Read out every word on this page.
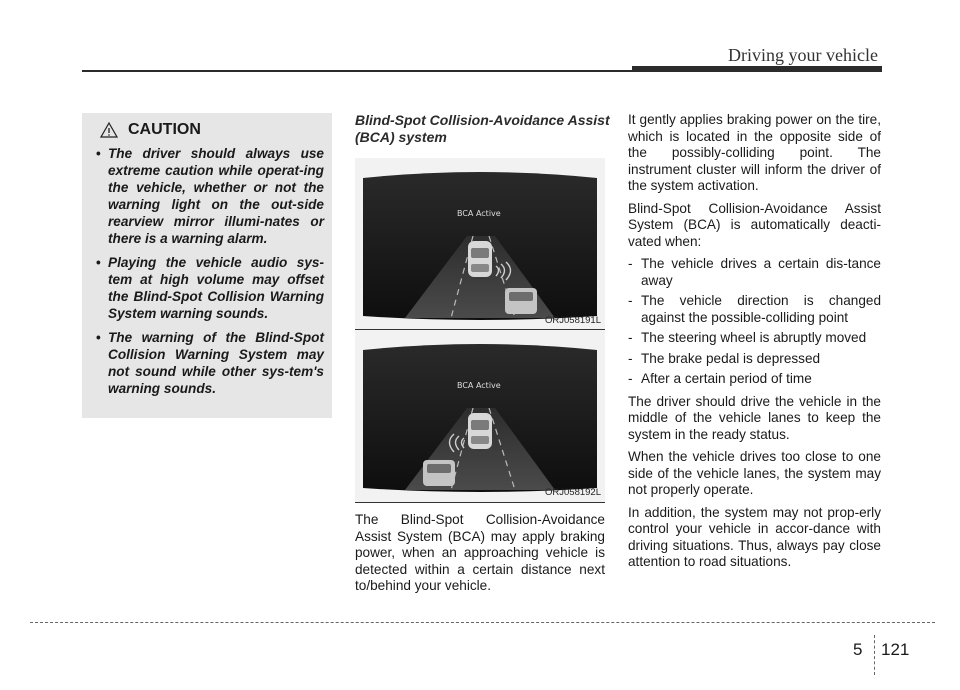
Driving your vehicle
CAUTION
• The driver should always use extreme caution while operat-ing the vehicle, whether or not the warning light on the out-side rearview mirror illumi-nates or there is a warning alarm.
• Playing the vehicle audio sys-tem at high volume may offset the Blind-Spot Collision Warning System warning sounds.
• The warning of the Blind-Spot Collision Warning System may not sound while other sys-tem's warning sounds.
Blind-Spot Collision-Avoidance Assist (BCA) system
BCA Active
ORJ058191L
BCA Active
ORJ058192L
The Blind-Spot Collision-Avoidance Assist System (BCA) may apply braking power, when an approaching vehicle is detected within a certain distance next to/behind your vehicle.

It gently applies braking power on the tire, which is located in the opposite side of the possibly-colliding point. The instrument cluster will inform the driver of the system activation.

Blind-Spot Collision-Avoidance Assist System (BCA) is automatically deacti-vated when:

- The vehicle drives a certain dis-tance away
- The vehicle direction is changed against the possible-colliding point
- The steering wheel is abruptly moved
- The brake pedal is depressed
- After a certain period of time

The driver should drive the vehicle in the middle of the vehicle lanes to keep the system in the ready status.

When the vehicle drives too close to one side of the vehicle lanes, the system may not properly operate.

In addition, the system may not prop-erly control your vehicle in accor-dance with driving situations. Thus, always pay close attention to road situations.

5 121
